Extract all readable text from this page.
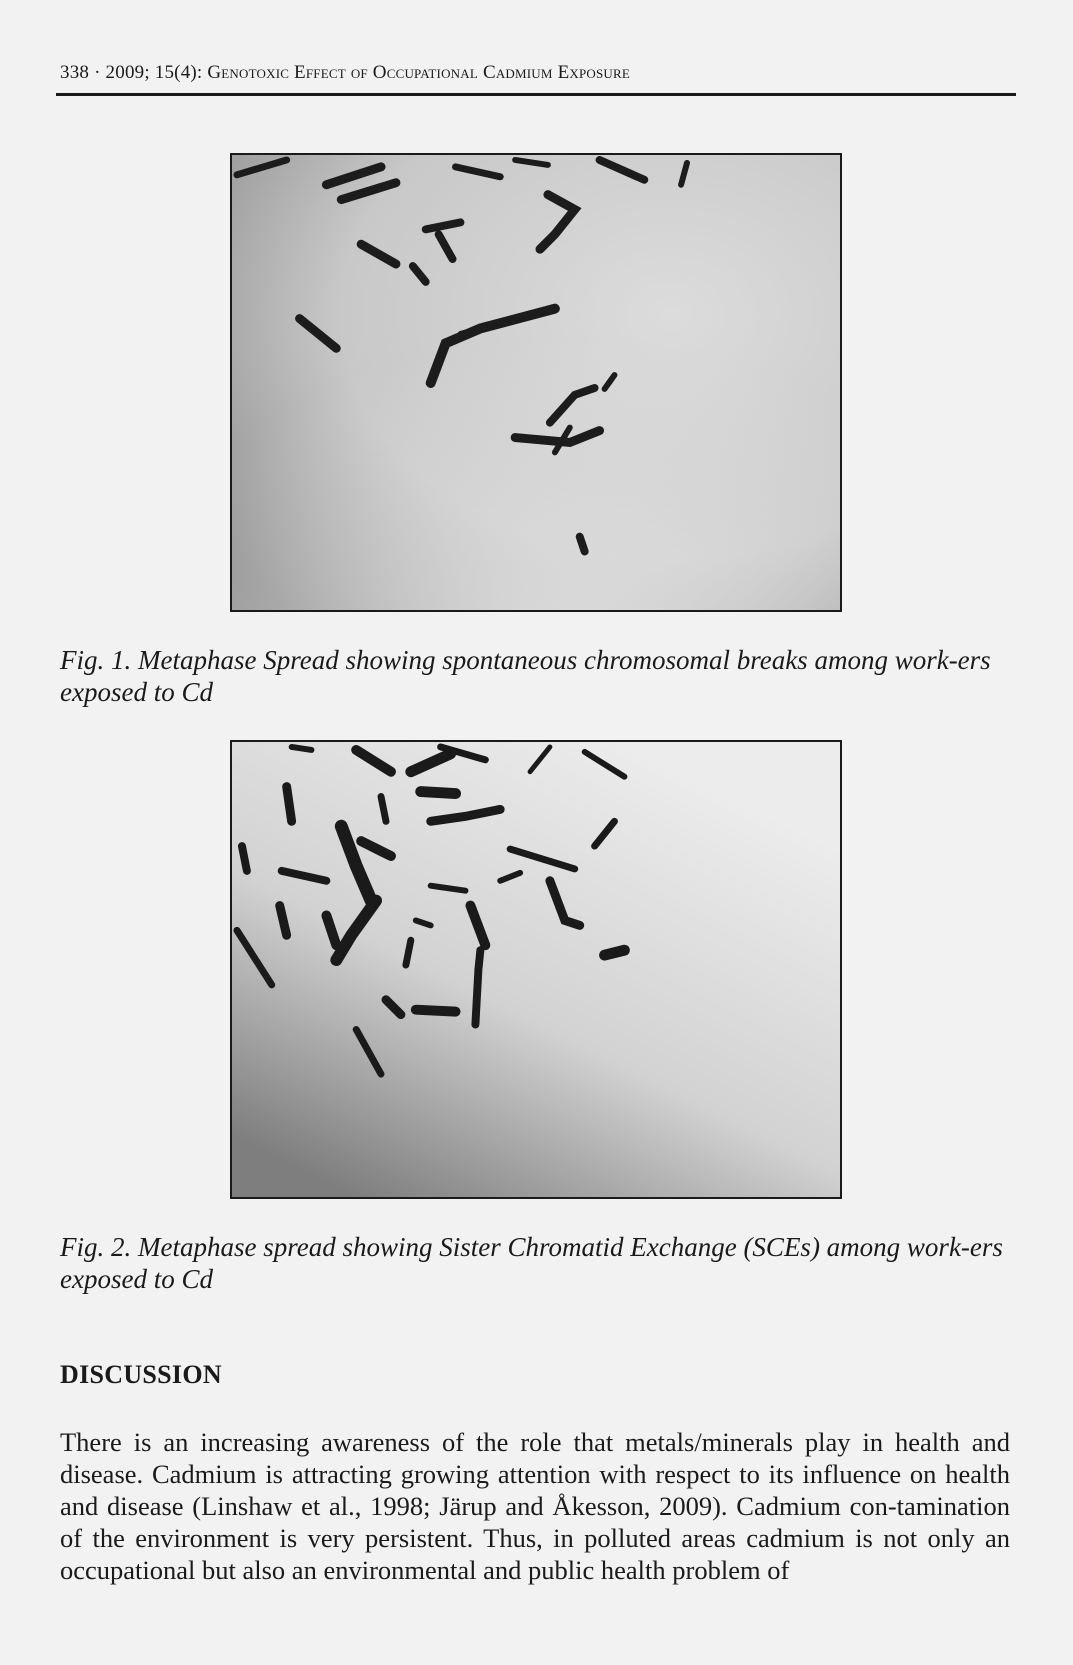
338 · 2009; 15(4): Genotoxic Effect of Occupational Cadmium Exposure
Fig. 1. Metaphase Spread showing spontaneous chromosomal breaks among work-ers exposed to Cd
Fig. 2. Metaphase spread showing Sister Chromatid Exchange (SCEs) among work-ers exposed to Cd
DISCUSSION
There is an increasing awareness of the role that metals/minerals play in health and disease. Cadmium is attracting growing attention with respect to its influence on health and disease (Linshaw et al., 1998; Järup and Åkesson, 2009). Cadmium con-tamination of the environment is very persistent. Thus, in polluted areas cadmium is not only an occupational but also an environmental and public health problem of
